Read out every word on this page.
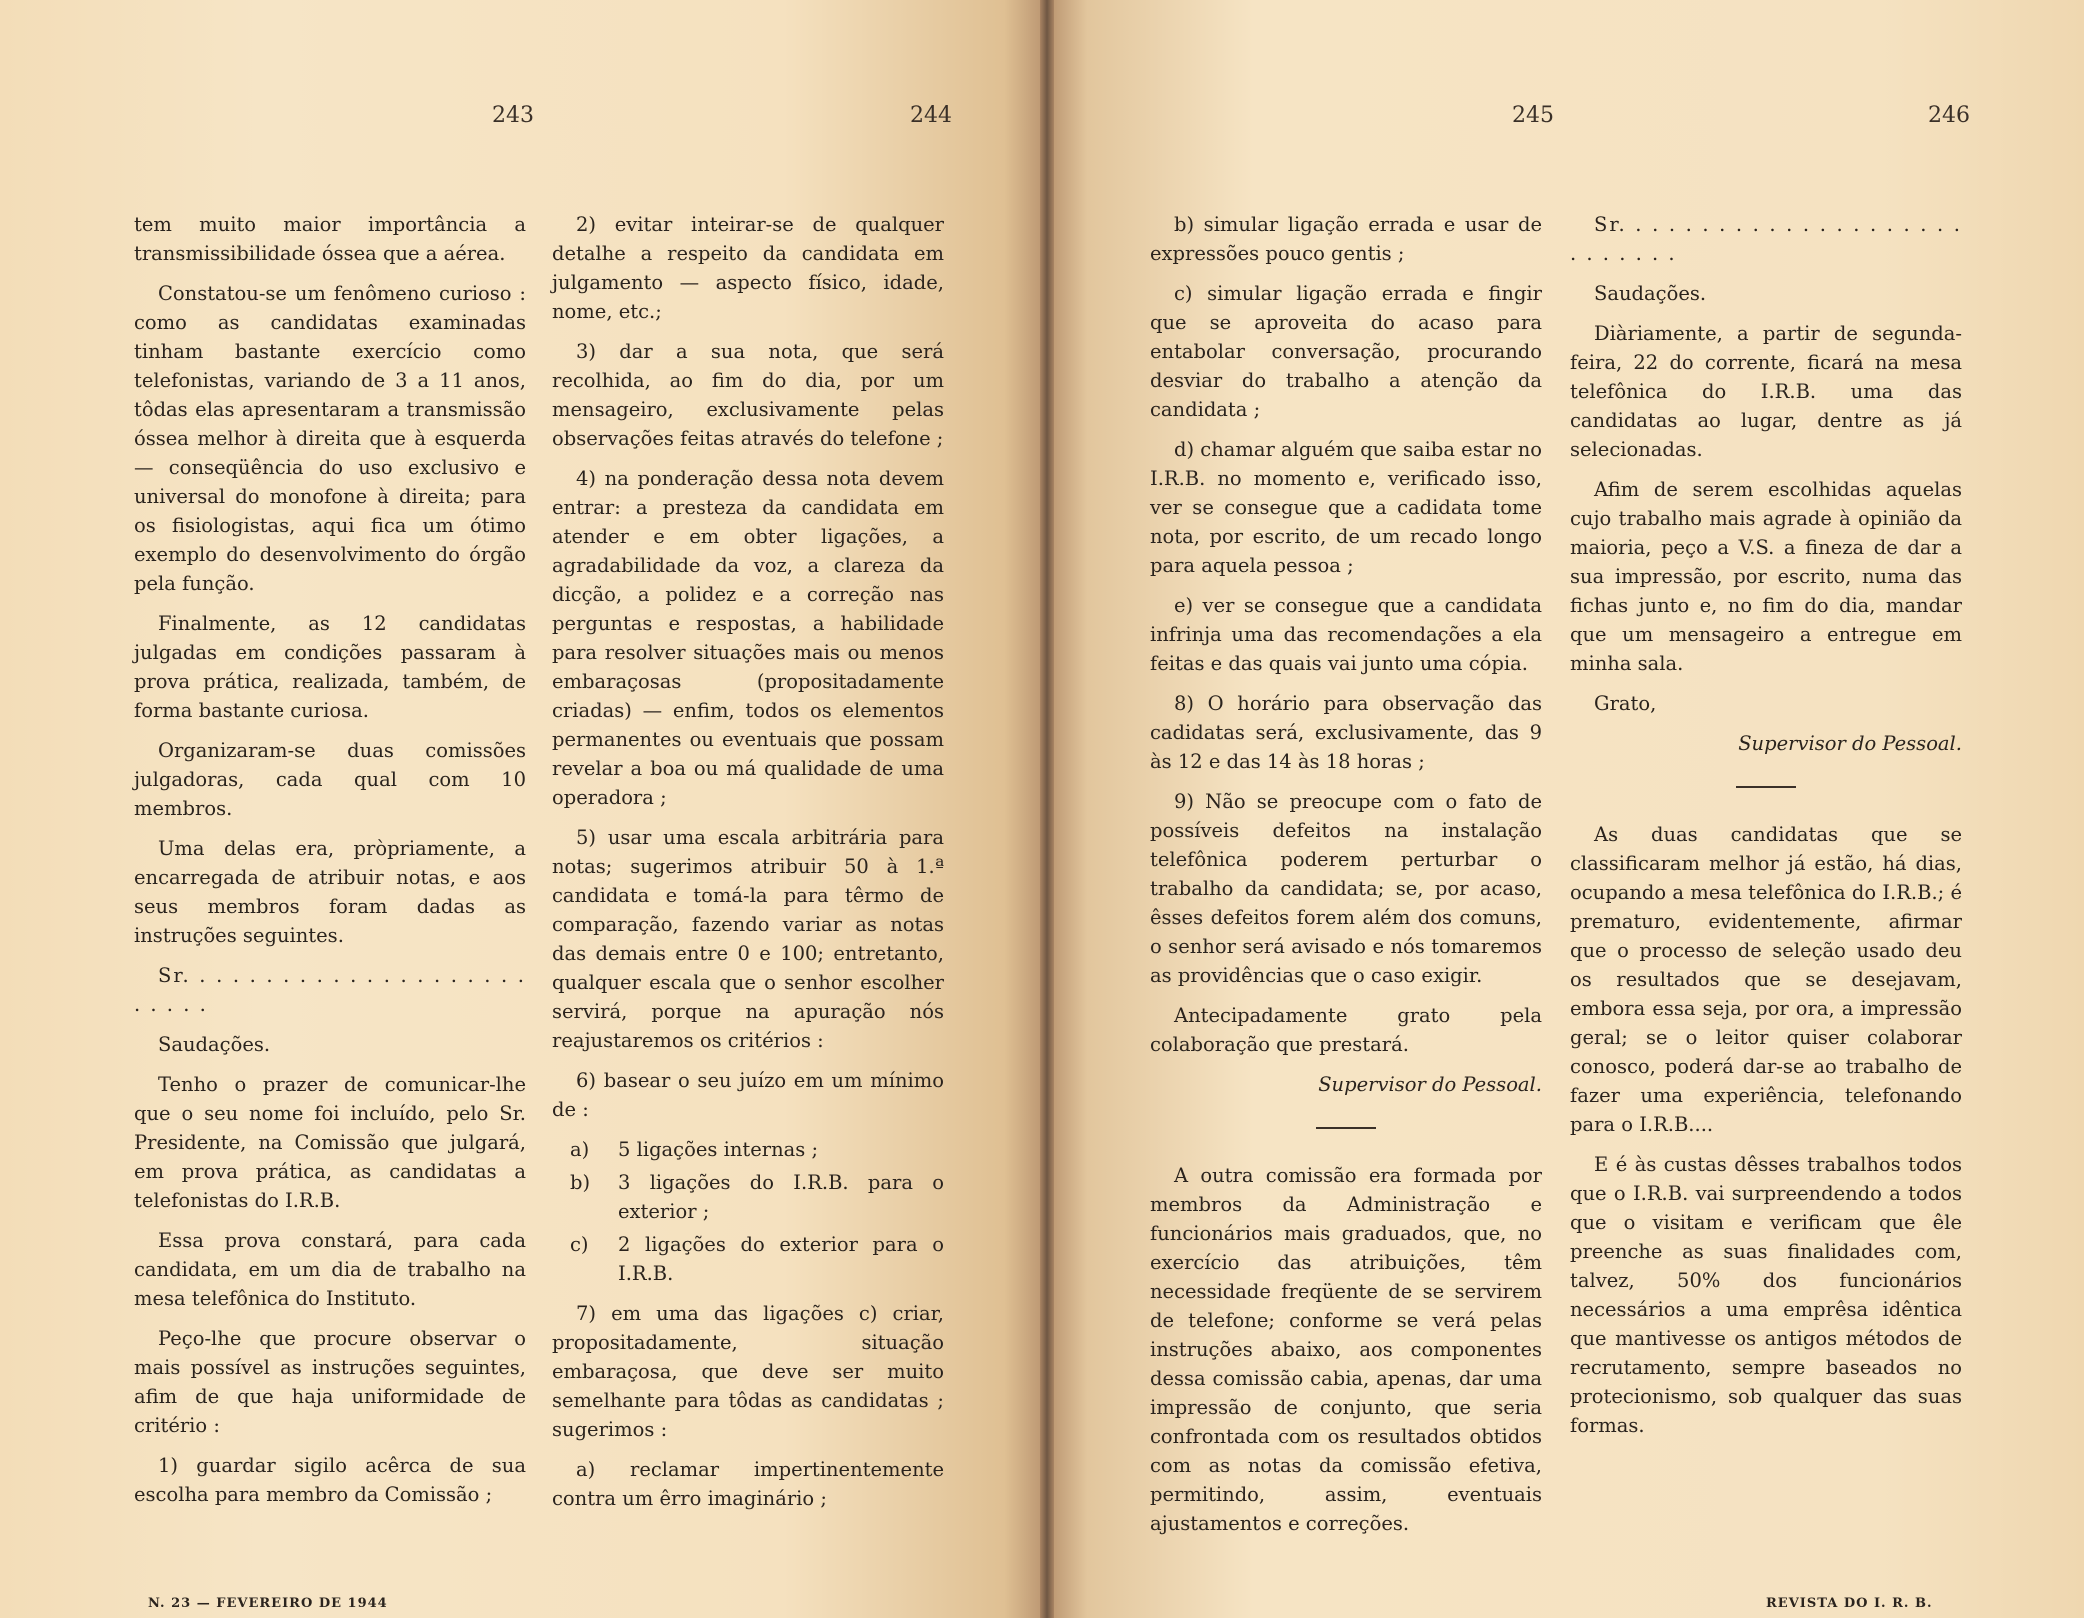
243	244	245	246

tem muito maior importância a transmissibilidade óssea que a aérea.

Constatou-se um fenômeno curioso : como as candidatas examinadas tinham bastante exercício como telefonistas, variando de 3 a 11 anos, tôdas elas apresentaram a transmissão óssea melhor à direita que à esquerda — conseqüência do uso exclusivo e universal do monofone à direita; para os fisiologistas, aqui fica um ótimo exemplo do desenvolvimento do órgão pela função.

Finalmente, as 12 candidatas julgadas em condições passaram à prova prática, realizada, também, de forma bastante curiosa.

Organizaram-se duas comissões julgadoras, cada qual com 10 membros.

Uma delas era, pròpriamente, a encarregada de atribuir notas, e aos seus membros foram dadas as instruções seguintes.

Sr. . . . . . . . . . . . . . . . . . . . . . . . . .

Saudações.

Tenho o prazer de comunicar-lhe que o seu nome foi incluído, pelo Sr. Presidente, na Comissão que julgará, em prova prática, as candidatas a telefonistas do I.R.B.

Essa prova constará, para cada candidata, em um dia de trabalho na mesa telefônica do Instituto.

Peço-lhe que procure observar o mais possível as instruções seguintes, afim de que haja uniformidade de critério :

1) guardar sigilo acêrca de sua escolha para membro da Comissão ;

2) evitar inteirar-se de qualquer detalhe a respeito da candidata em julgamento — aspecto físico, idade, nome, etc.;

3) dar a sua nota, que será recolhida, ao fim do dia, por um mensageiro, exclusivamente pelas observações feitas através do telefone ;

4) na ponderação dessa nota devem entrar: a presteza da candidata em atender e em obter ligações, a agradabilidade da voz, a clareza da dicção, a polidez e a correção nas perguntas e respostas, a habilidade para resolver situações mais ou menos embaraçosas (propositadamente criadas) — enfim, todos os elementos permanentes ou eventuais que possam revelar a boa ou má qualidade de uma operadora ;

5) usar uma escala arbitrária para notas; sugerimos atribuir 50 à 1.ª candidata e tomá-la para têrmo de comparação, fazendo variar as notas das demais entre 0 e 100; entretanto, qualquer escala que o senhor escolher servirá, porque na apuração nós reajustaremos os critérios :

6) basear o seu juízo em um mínimo de :

a)	5 ligações internas ;
b)	3 ligações do I.R.B. para o exterior ;
c)	2 ligações do exterior para o I.R.B.

7) em uma das ligações c) criar, propositadamente, situação embaraçosa, que deve ser muito semelhante para tôdas as candidatas ; sugerimos :

a) reclamar impertinentemente contra um êrro imaginário ;

b) simular ligação errada e usar de expressões pouco gentis ;

c) simular ligação errada e fingir que se aproveita do acaso para entabolar conversação, procurando desviar do trabalho a atenção da candidata ;

d) chamar alguém que saiba estar no I.R.B. no momento e, verificado isso, ver se consegue que a cadidata tome nota, por escrito, de um recado longo para aquela pessoa ;

e) ver se consegue que a candidata infrinja uma das recomendações a ela feitas e das quais vai junto uma cópia.

8) O horário para observação das cadidatas será, exclusivamente, das 9 às 12 e das 14 às 18 horas ;

9) Não se preocupe com o fato de possíveis defeitos na instalação telefônica poderem perturbar o trabalho da candidata; se, por acaso, êsses defeitos forem além dos comuns, o senhor será avisado e nós tomaremos as providências que o caso exigir.

Antecipadamente grato pela colaboração que prestará.

Supervisor do Pessoal.

A outra comissão era formada por membros da Administração e funcionários mais graduados, que, no exercício das atribuições, têm necessidade freqüente de se servirem de telefone; conforme se verá pelas instruções abaixo, aos componentes dessa comissão cabia, apenas, dar uma impressão de conjunto, que seria confrontada com os resultados obtidos com as notas da comissão efetiva, permitindo, assim, eventuais ajustamentos e correções.

Sr. . . . . . . . . . . . . . . . . . . . . . . . . . . .

Saudações.

Diàriamente, a partir de segunda-feira, 22 do corrente, ficará na mesa telefônica do I.R.B. uma das candidatas ao lugar, dentre as já selecionadas.

Afim de serem escolhidas aquelas cujo trabalho mais agrade à opinião da maioria, peço a V.S. a fineza de dar a sua impressão, por escrito, numa das fichas junto e, no fim do dia, mandar que um mensageiro a entregue em minha sala.

Grato,

Supervisor do Pessoal.

As duas candidatas que se classificaram melhor já estão, há dias, ocupando a mesa telefônica do I.R.B.; é prematuro, evidentemente, afirmar que o processo de seleção usado deu os resultados que se desejavam, embora essa seja, por ora, a impressão geral; se o leitor quiser colaborar conosco, poderá dar-se ao trabalho de fazer uma experiência, telefonando para o I.R.B....

E é às custas dêsses trabalhos todos que o I.R.B. vai surpreendendo a todos que o visitam e verificam que êle preenche as suas finalidades com, talvez, 50% dos funcionários necessários a uma emprêsa idêntica que mantivesse os antigos métodos de recrutamento, sempre baseados no protecionismo, sob qualquer das suas formas.

N. 23 — FEVEREIRO DE 1944	REVISTA DO I. R. B.
